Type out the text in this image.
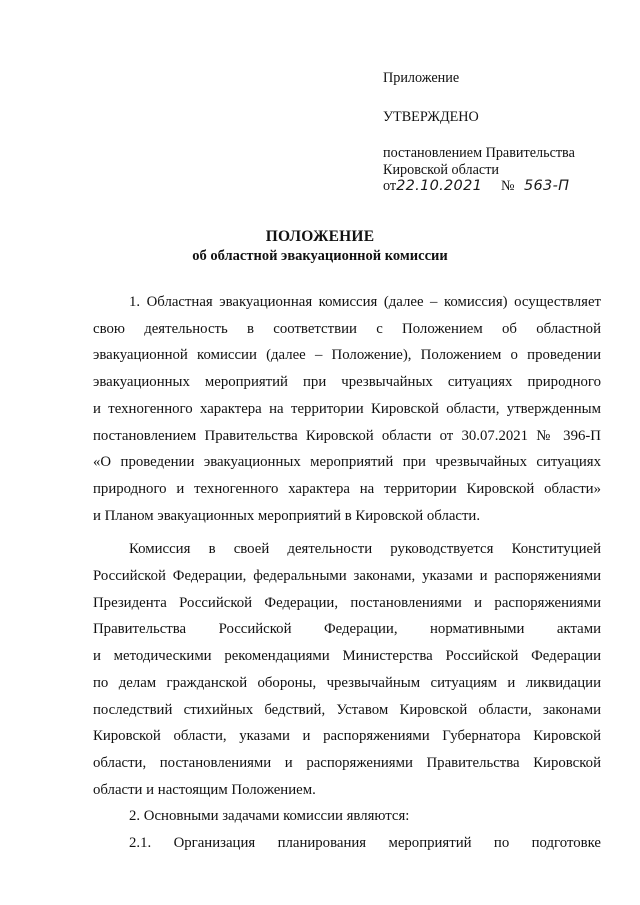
Приложение
УТВЕРЖДЕНО
постановлением Правительства
Кировской области
от22.10.2021 № 563-П
ПОЛОЖЕНИЕ
об областной эвакуационной комиссии

1. Областная эвакуационная комиссия (далее – комиссия) осуществляет

свою деятельность в соответствии с Положением об областной

эвакуационной комиссии (далее – Положение), Положением о проведении

эвакуационных мероприятий при чрезвычайных ситуациях природного

и техногенного характера на территории Кировской области, утвержденным

постановлением Правительства Кировской области от 30.07.2021 № 396-П

«О проведении эвакуационных мероприятий при чрезвычайных ситуациях

природного и техногенного характера на территории Кировской области»

и Планом эвакуационных мероприятий в Кировской области.

Комиссия в своей деятельности руководствуется Конституцией

Российской Федерации, федеральными законами, указами и распоряжениями

Президента Российской Федерации, постановлениями и распоряжениями

Правительства Российской Федерации, нормативными актами

и методическими рекомендациями Министерства Российской Федерации

по делам гражданской обороны, чрезвычайным ситуациям и ликвидации

последствий стихийных бедствий, Уставом Кировской области, законами

Кировской области, указами и распоряжениями Губернатора Кировской

области, постановлениями и распоряжениями Правительства Кировской

области и настоящим Положением.

2. Основными задачами комиссии являются:

2.1. Организация планирования мероприятий по подготовке
